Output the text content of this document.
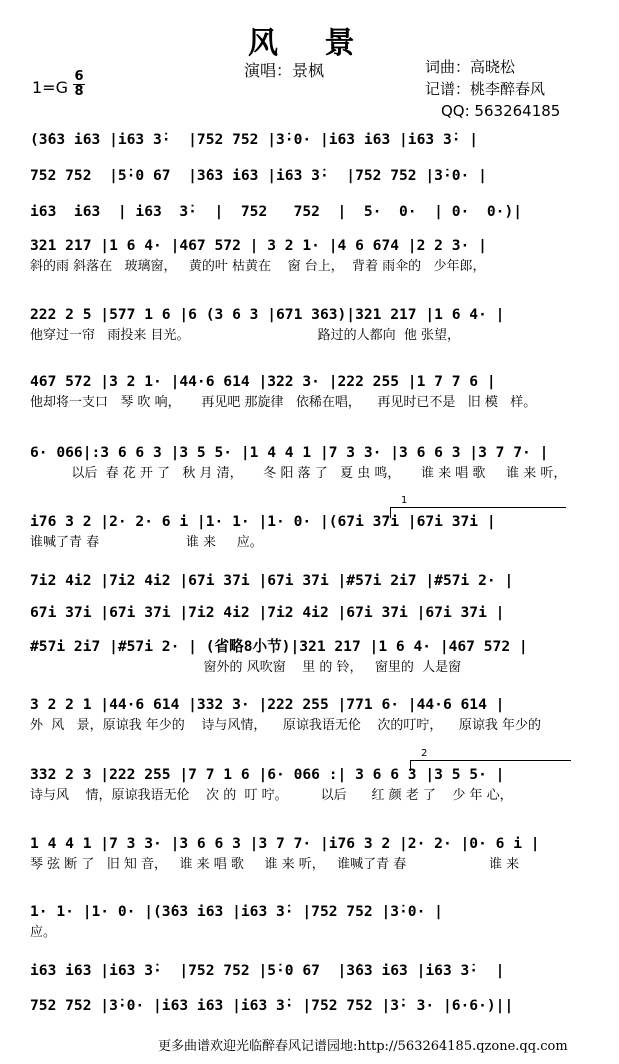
风 景
演唱：景枫
1=G
6
8
词曲：高晓松
记谱：桃李醉春风
QQ: 563264185
(3̇63 i63 |i63 3̇·  |752 752 |3̇·0· |i63 i63 |i63 3̇· |
752 752  |5̇·0 67  |3̇63 i63 |i63 3̇·  |752 752 |3̇·0· |
i63  i63  | i63  3̇·  |  752   752  |  5·  0·  | 0·  0·)|
321 217 |1 6 4· |467 572 | 3 2 1· |4 6 674 |2 2 3· |
斜的雨 斜落在   玻璃窗，   黄的叶 枯黄在    窗 台上，  背着 雨伞的   少年郎，
222 2 5 |577 1 6 |6 (3 6 3 |671 363)|321 217 |1 6 4· |
他穿过一帘   雨投来 目光。                               路过的人都向  他 张望，
467 572 |3 2 1· |44·6 614 |322 3· |222 255 |1 7 7 6 |
他却将一支口   琴 吹 响，     再见吧 那旋律   依稀在唱，    再见时已不是   旧 模   样。
6· 066|:3 6 6 3 |3 5 5· |1 4 4 1 |7 3 3· |3 6 6 3 |3 7 7· |
以后  春 花 开 了   秋 月 清，     冬 阳 落 了   夏 虫 鸣，     谁 来 唱 歌     谁 来 听，
i76 3 2 |2· 2· 6 i |1· 1· |1· 0· |(67i 37i |67i 37i |
谁喊了青 春                     谁 来     应。
7i2 4i2 |7i2 4i2 |67i 37i |67i 37i |#57i 2i7 |#57i 2· |
67i 37i |67i 37i |7i2 4i2 |7i2 4i2 |67i 37i |67i 37i |
#57i 2i7 |#57i 2· | (省略8小节)|321 217 |1 6 4· |467 572 |
窗外的 风吹窗    里 的 铃，   窗里的  人是窗
3 2 2 1 |44·6 614 |332 3· |222 255 |771 6· |44·6 614 |
外  风   景，原谅我 年少的    诗与风情，    原谅我语无伦    次的叮咛，    原谅我 年少的
332 2 3 |222 255 |7 7 1 6 |6· 066 :| 3 6 6 3 |3 5 5· |
诗与风    情，原谅我语无伦    次 的  叮 咛。        以后      红 颜 老 了    少 年 心，
1 4 4 1 |7 3 3· |3 6 6 3 |3 7 7· |i76 3 2 |2· 2· |0· 6 i |
琴 弦 断 了   旧 知 音，   谁 来 唱 歌     谁 来 听，   谁喊了青 春                    谁 来
1· 1· |1· 0· |(3̇63 i63 |i63 3̇· |752 752 |3̇·0· |
应。
i63 i63 |i63 3̇·  |752 752 |5̇·0 67  |3̇63 i63 |i63 3̇·  |
752 752 |3̇·0· |i63 i63 |i63 3̇· |752 752 |3̇· 3· |6·6·)||
1
2
更多曲谱欢迎光临醉春风记谱园地:http://563264185.qzone.qq.com
